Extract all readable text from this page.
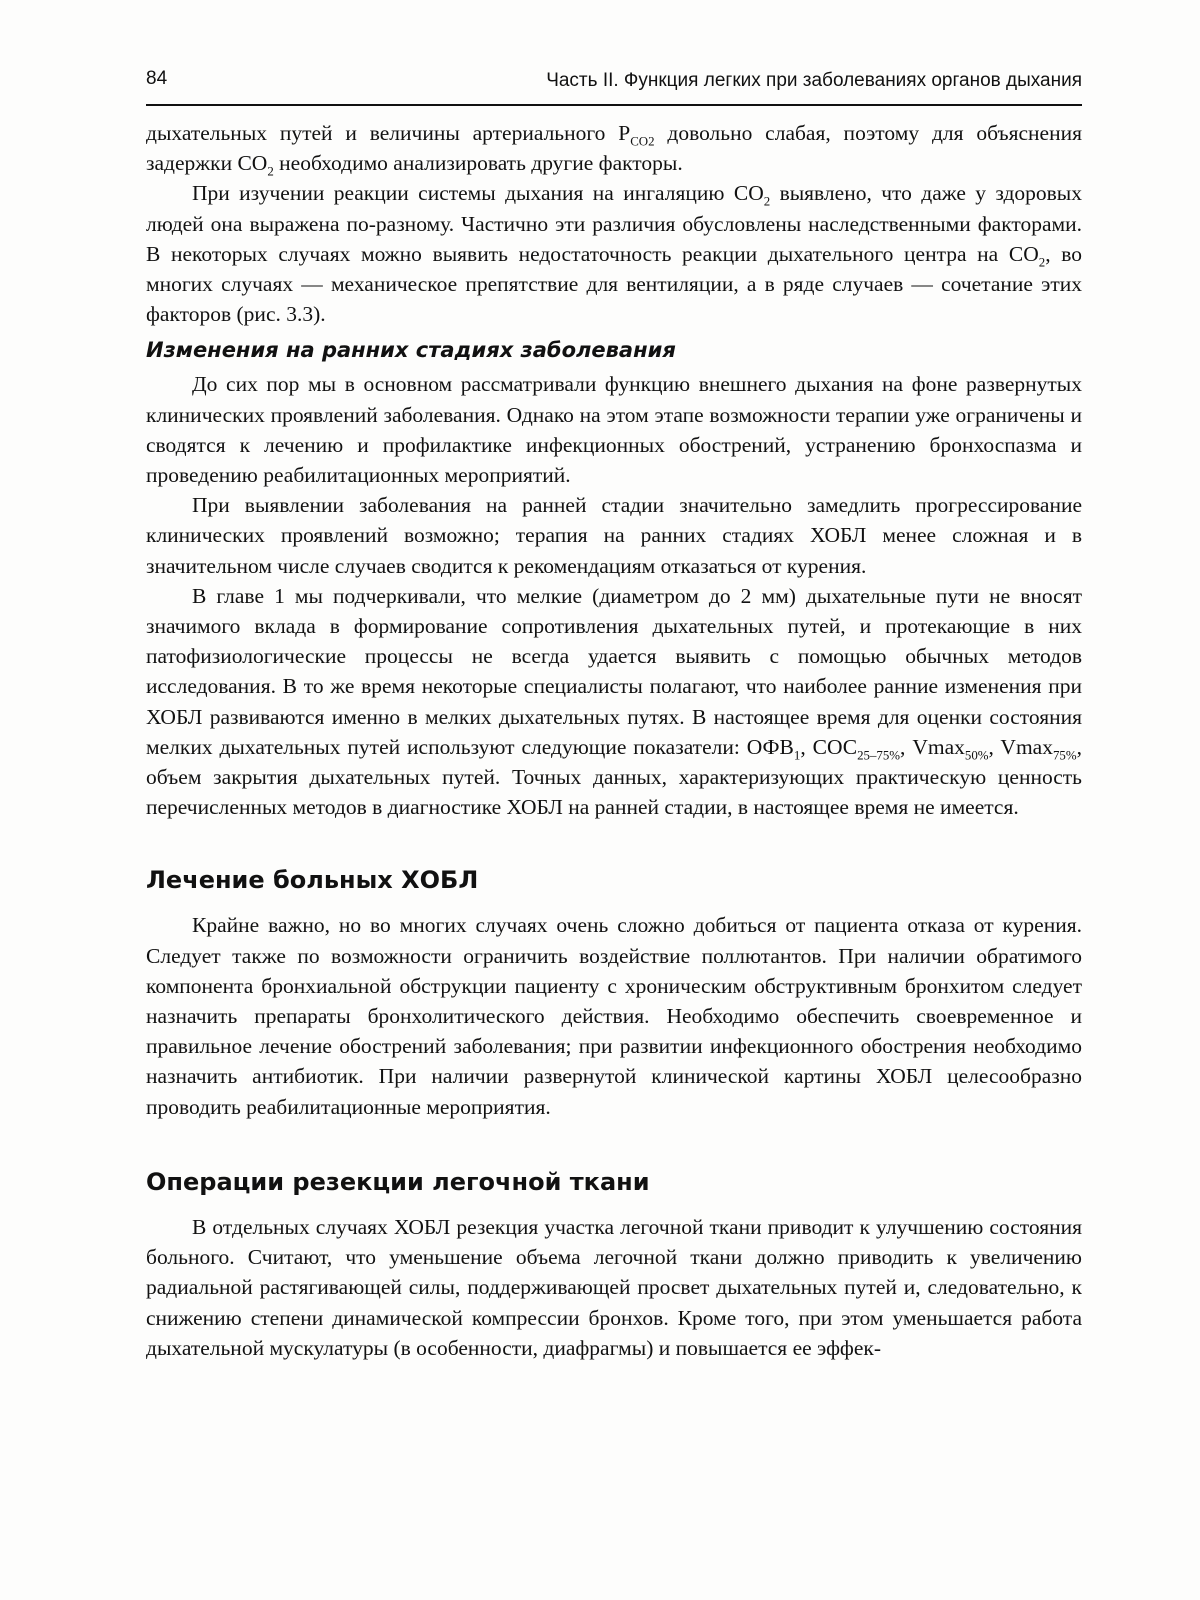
84	Часть II. Функция легких при заболеваниях органов дыхания

дыхательных путей и величины артериального $P_{CO2}$ довольно слабая, поэтому для объяснения задержки $CO_2$ необходимо анализировать другие факторы.

При изучении реакции системы дыхания на ингаляцию $CO_2$ выявлено, что даже у здоровых людей она выражена по-разному. Частично эти различия обусловлены наследственными факторами. В некоторых случаях можно выявить недостаточность реакции дыхательного центра на $CO_2$, во многих случаях — механическое препятствие для вентиляции, а в ряде случаев — сочетание этих факторов (рис. 3.3).

Изменения на ранних стадиях заболевания

До сих пор мы в основном рассматривали функцию внешнего дыхания на фоне развернутых клинических проявлений заболевания. Однако на этом этапе возможности терапии уже ограничены и сводятся к лечению и профилактике инфекционных обострений, устранению бронхоспазма и проведению реабилитационных мероприятий.

При выявлении заболевания на ранней стадии значительно замедлить прогрессирование клинических проявлений возможно; терапия на ранних стадиях ХОБЛ менее сложная и в значительном числе случаев сводится к рекомендациям отказаться от курения.

В главе 1 мы подчеркивали, что мелкие (диаметром до 2 мм) дыхательные пути не вносят значимого вклада в формирование сопротивления дыхательных путей, и протекающие в них патофизиологические процессы не всегда удается выявить с помощью обычных методов исследования. В то же время некоторые специалисты полагают, что наиболее ранние изменения при ХОБЛ развиваются именно в мелких дыхательных путях. В настоящее время для оценки состояния мелких дыхательных путей используют следующие показатели: $ОФВ_1$, $СОС_{25-75\%}$, Vmax$_{50\%}$, Vmax$_{75\%}$, объем закрытия дыхательных путей. Точных данных, характеризующих практическую ценность перечисленных методов в диагностике ХОБЛ на ранней стадии, в настоящее время не имеется.

Лечение больных ХОБЛ

Крайне важно, но во многих случаях очень сложно добиться от пациента отказа от курения. Следует также по возможности ограничить воздействие поллютантов. При наличии обратимого компонента бронхиальной обструкции пациенту с хроническим обструктивным бронхитом следует назначить препараты бронхолитического действия. Необходимо обеспечить своевременное и правильное лечение обострений заболевания; при развитии инфекционного обострения необходимо назначить антибиотик. При наличии развернутой клинической картины ХОБЛ целесообразно проводить реабилитационные мероприятия.

Операции резекции легочной ткани

В отдельных случаях ХОБЛ резекция участка легочной ткани приводит к улучшению состояния больного. Считают, что уменьшение объема легочной ткани должно приводить к увеличению радиальной растягивающей силы, поддерживающей просвет дыхательных путей и, следовательно, к снижению степени динамической компрессии бронхов. Кроме того, при этом уменьшается работа дыхательной мускулатуры (в особенности, диафрагмы) и повышается ее эффек-
